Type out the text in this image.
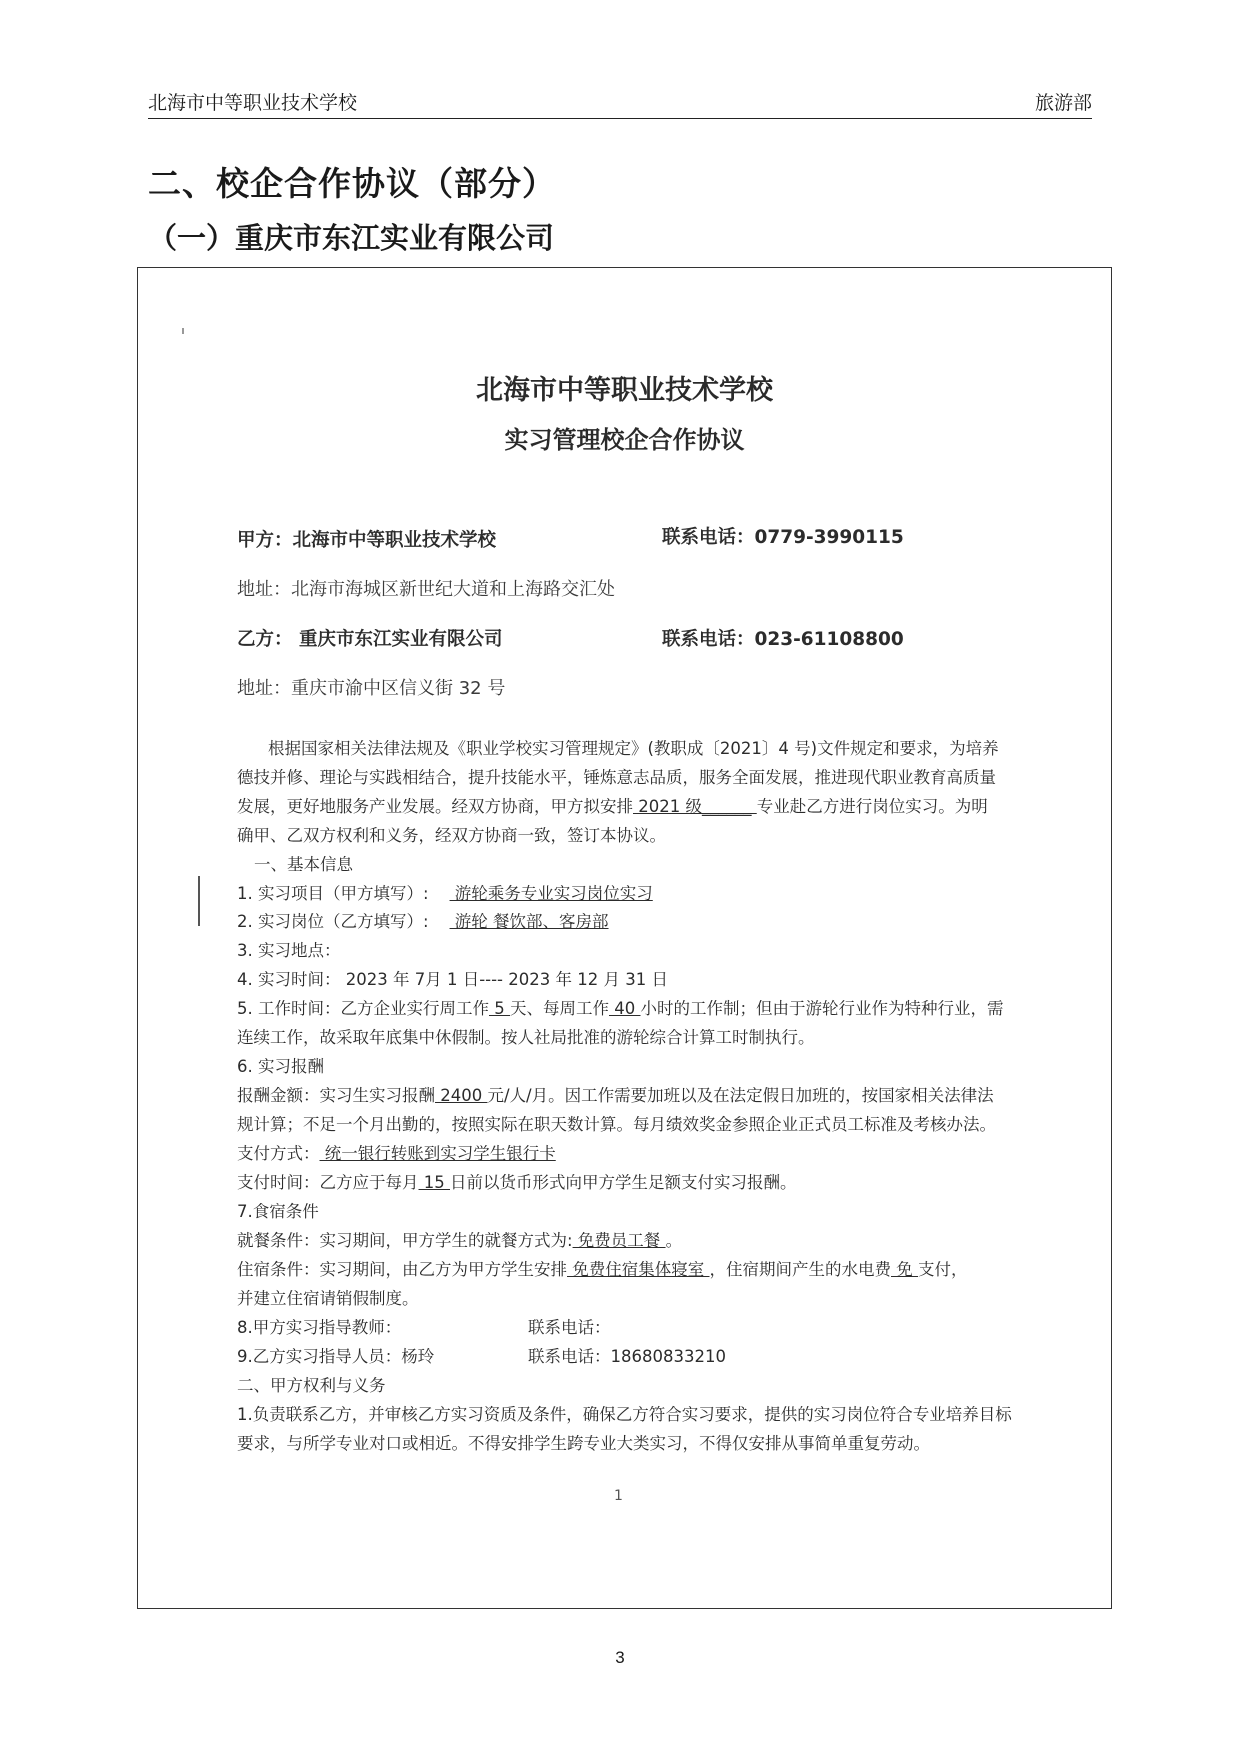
北海市中等职业技术学校	旅游部
二、校企合作协议（部分）
（一）重庆市东江实业有限公司
北海市中等职业技术学校
实习管理校企合作协议
甲方：北海市中等职业技术学校	联系电话：0779-3990115
地址：北海市海城区新世纪大道和上海路交汇处
乙方： 重庆市东江实业有限公司	联系电话：023-61108800
地址：重庆市渝中区信义街 32 号
根据国家相关法律法规及《职业学校实习管理规定》(教职成〔2021〕4 号)文件规定和要求，为培养
德技并修、理论与实践相结合，提升技能水平，锤炼意志品质，服务全面发展，推进现代职业教育高质量
发展，更好地服务产业发展。经双方协商，甲方拟安排 2021 级______ 专业赴乙方进行岗位实习。为明
确甲、乙双方权利和义务，经双方协商一致，签订本协议。
一、基本信息
1. 实习项目（甲方填写）:     游轮乘务专业实习岗位实习
2. 实习岗位（乙方填写）:     游轮 餐饮部、客房部
3. 实习地点：
4. 实习时间： 2023 年 7月 1 日---- 2023 年 12 月 31 日
5. 工作时间：乙方企业实行周工作 5 天、每周工作 40 小时的工作制；但由于游轮行业作为特种行业，需
连续工作，故采取年底集中休假制。按人社局批准的游轮综合计算工时制执行。
6. 实习报酬
报酬金额：实习生实习报酬 2400 元/人/月。因工作需要加班以及在法定假日加班的，按国家相关法律法
规计算；不足一个月出勤的，按照实际在职天数计算。每月绩效奖金参照企业正式员工标准及考核办法。
支付方式： 统一银行转账到实习学生银行卡
支付时间：乙方应于每月 15 日前以货币形式向甲方学生足额支付实习报酬。
7.食宿条件
就餐条件：实习期间，甲方学生的就餐方式为: 免费员工餐 。
住宿条件：实习期间，由乙方为甲方学生安排 免费住宿集体寝室 ，住宿期间产生的水电费 免 支付，
并建立住宿请销假制度。
8.甲方实习指导教师：	联系电话：
9.乙方实习指导人员：杨玲	联系电话：18680833210
二、甲方权利与义务
1.负责联系乙方，并审核乙方实习资质及条件，确保乙方符合实习要求，提供的实习岗位符合专业培养目标
要求，与所学专业对口或相近。不得安排学生跨专业大类实习，不得仅安排从事简单重复劳动。
1
3
